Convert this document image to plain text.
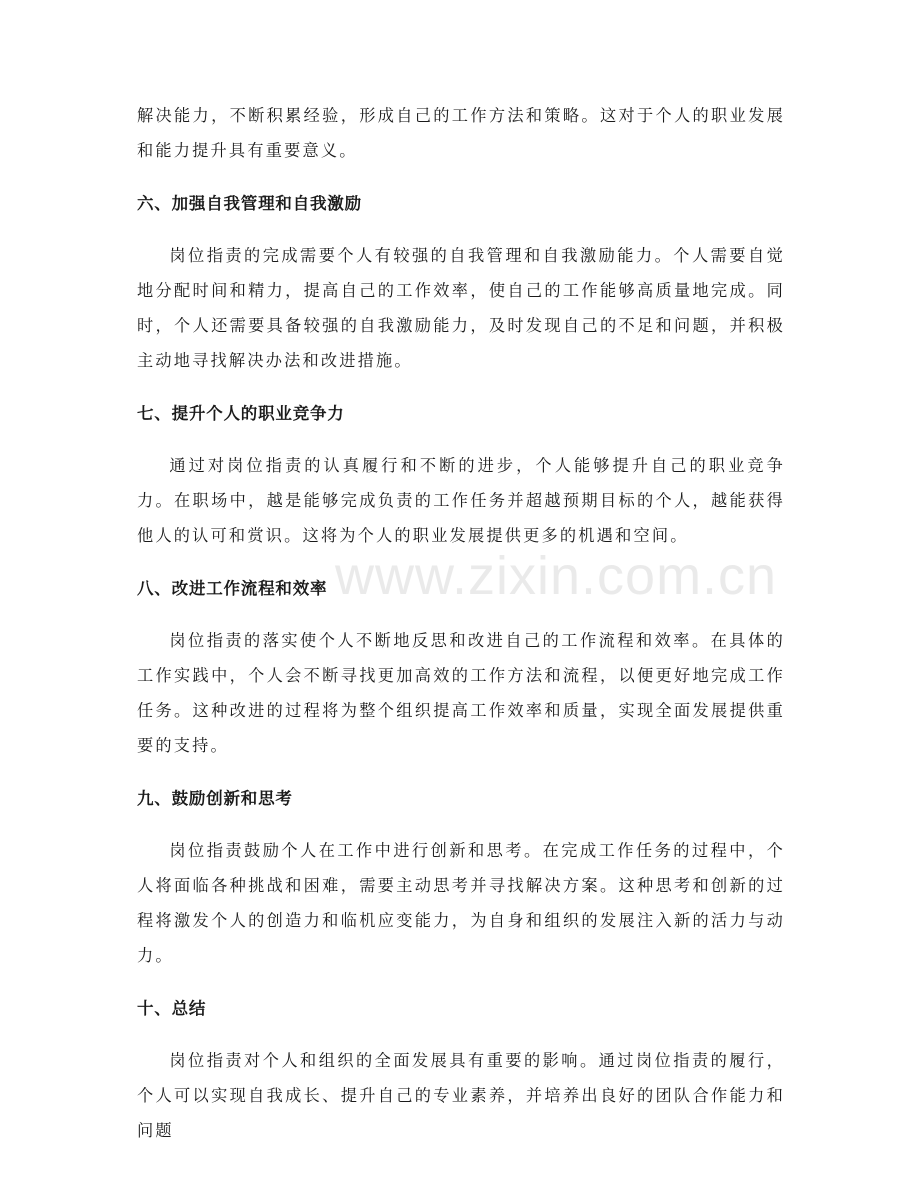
解决能力，不断积累经验，形成自己的工作方法和策略。这对于个人的职业发展和能力提升具有重要意义。

六、加强自我管理和自我激励

岗位指责的完成需要个人有较强的自我管理和自我激励能力。个人需要自觉地分配时间和精力，提高自己的工作效率，使自己的工作能够高质量地完成。同时，个人还需要具备较强的自我激励能力，及时发现自己的不足和问题，并积极主动地寻找解决办法和改进措施。

七、提升个人的职业竞争力

通过对岗位指责的认真履行和不断的进步，个人能够提升自己的职业竞争力。在职场中，越是能够完成负责的工作任务并超越预期目标的个人，越能获得他人的认可和赏识。这将为个人的职业发展提供更多的机遇和空间。

八、改进工作流程和效率

岗位指责的落实使个人不断地反思和改进自己的工作流程和效率。在具体的工作实践中，个人会不断寻找更加高效的工作方法和流程，以便更好地完成工作任务。这种改进的过程将为整个组织提高工作效率和质量，实现全面发展提供重要的支持。

九、鼓励创新和思考

岗位指责鼓励个人在工作中进行创新和思考。在完成工作任务的过程中，个人将面临各种挑战和困难，需要主动思考并寻找解决方案。这种思考和创新的过程将激发个人的创造力和临机应变能力，为自身和组织的发展注入新的活力与动力。

十、总结

岗位指责对个人和组织的全面发展具有重要的影响。通过岗位指责的履行，个人可以实现自我成长、提升自己的专业素养，并培养出良好的团队合作能力和问题

www.zixin.com.cn
